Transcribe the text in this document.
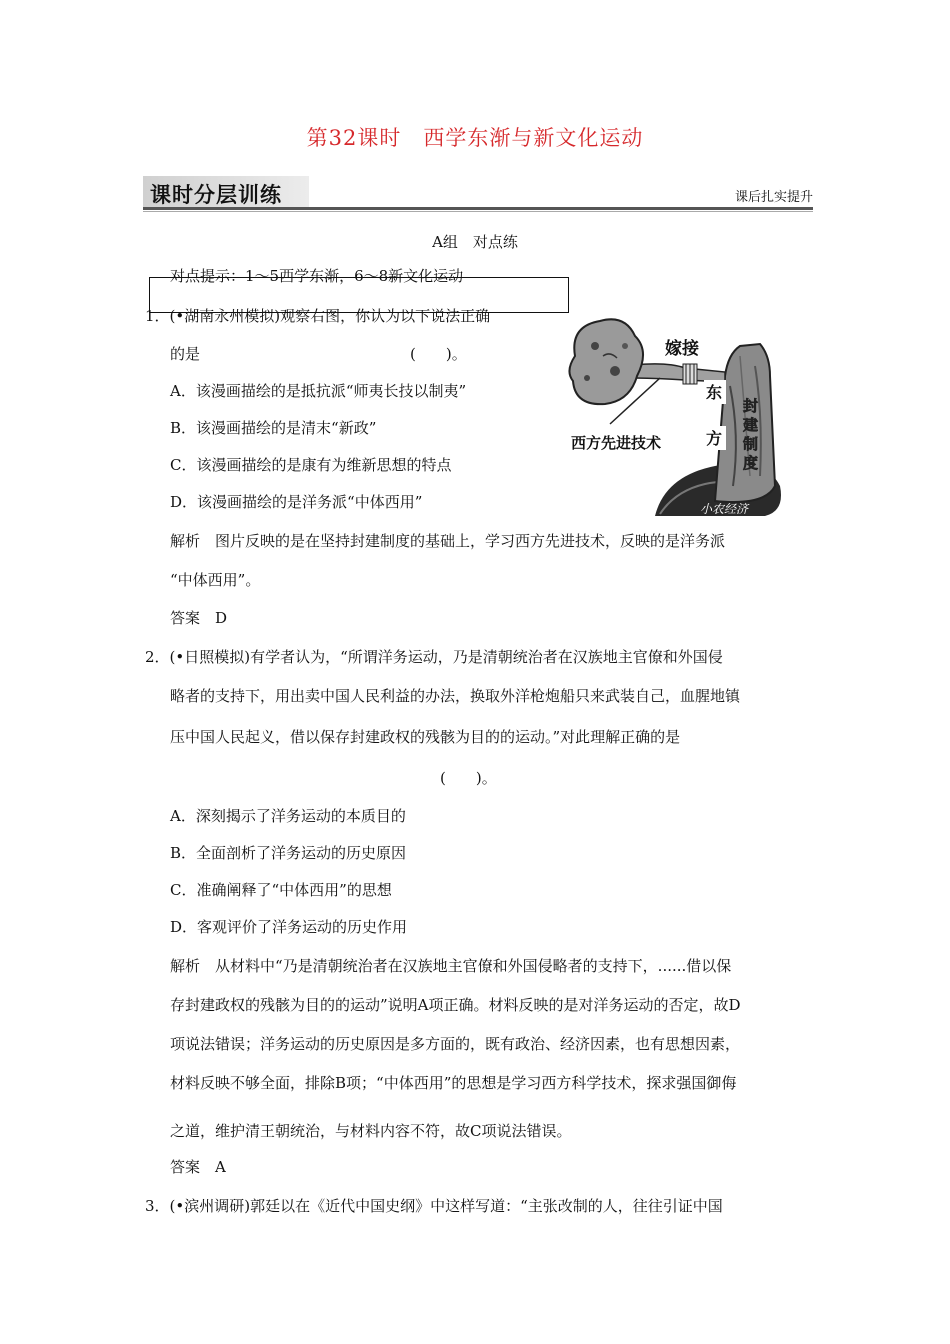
第32课时　西学东渐与新文化运动
课时分层训练	课后扎实提升
A组　对点练
对点提示：1～5西学东渐，6～8新文化运动
1．(•湖南永州模拟)观察右图，你认为以下说法正确
的是　　　　　　　　　　　　　　(　　)。
A．该漫画描绘的是抵抗派“师夷长技以制夷”
B．该漫画描绘的是清末“新政”
C．该漫画描绘的是康有为维新思想的特点
D．该漫画描绘的是洋务派“中体西用”
解析　图片反映的是在坚持封建制度的基础上，学习西方先进技术，反映的是洋务派
“中体西用”。
答案　D
嫁接
西方先进技术
东
方
封
建
制
度
小农经济
2．(•日照模拟)有学者认为，“所谓洋务运动，乃是清朝统治者在汉族地主官僚和外国侵
略者的支持下，用出卖中国人民利益的办法，换取外洋枪炮船只来武装自己，血腥地镇
压中国人民起义，借以保存封建政权的残骸为目的的运动。”对此理解正确的是
(　　)。
A．深刻揭示了洋务运动的本质目的
B．全面剖析了洋务运动的历史原因
C．准确阐释了“中体西用”的思想
D．客观评价了洋务运动的历史作用
解析　从材料中“乃是清朝统治者在汉族地主官僚和外国侵略者的支持下，......借以保
存封建政权的残骸为目的的运动”说明A项正确。材料反映的是对洋务运动的否定，故D
项说法错误；洋务运动的历史原因是多方面的，既有政治、经济因素，也有思想因素，
材料反映不够全面，排除B项；“中体西用”的思想是学习西方科学技术，探求强国御侮
之道，维护清王朝统治，与材料内容不符，故C项说法错误。
答案　A
3．(•滨州调研)郭廷以在《近代中国史纲》中这样写道：“主张改制的人，往往引证中国
